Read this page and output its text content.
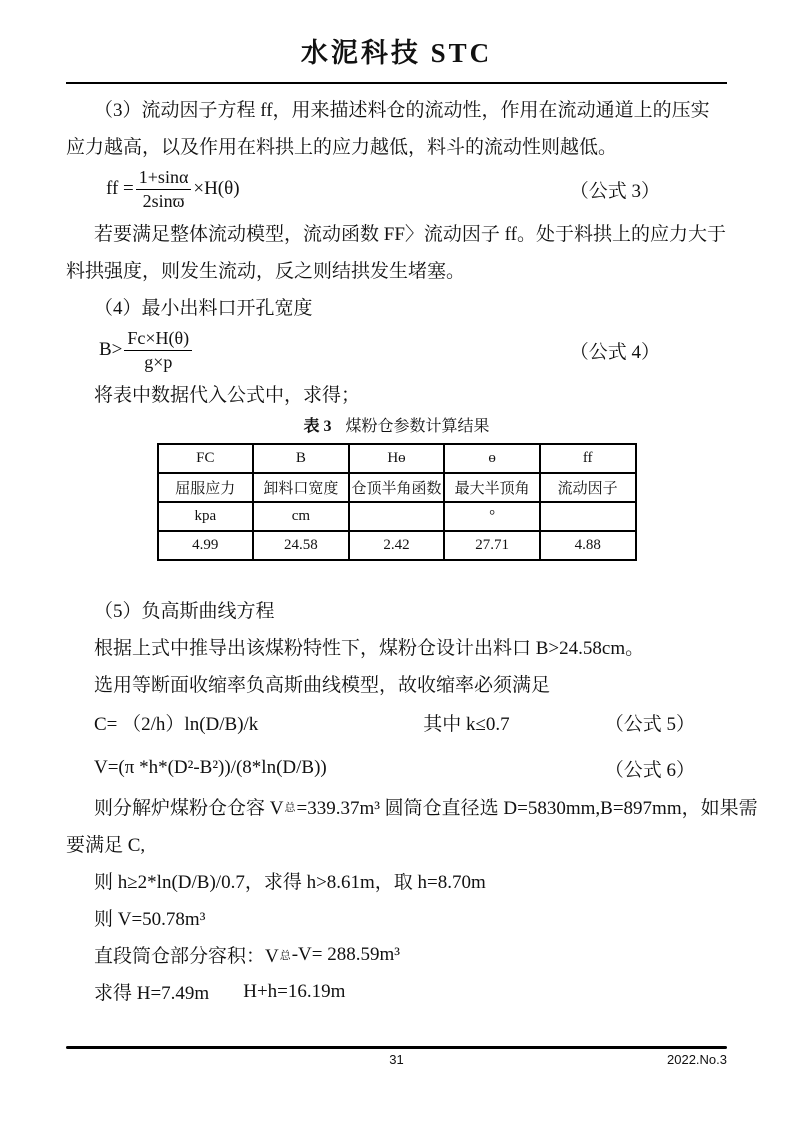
水泥科技 STC
（3）流动因子方程 ff，用来描述料仓的流动性，作用在流动通道上的压实
应力越高，以及作用在料拱上的应力越低，料斗的流动性则越低。
ff = $\frac{1+\sin\alpha}{2\sin ϖ} \times H(\theta)$	（公式 3）
若要满足整体流动模型，流动函数 FF〉流动因子 ff。处于料拱上的应力大于
料拱强度，则发生流动，反之则结拱发生堵塞。
（4）最小出料口开孔宽度
$B> \frac{Fc\times H(\theta)}{g\times p}$	（公式 4）
将表中数据代入公式中，求得；
表 3 煤粉仓参数计算结果
FC	B	Hө	ө	ff
屈服应力	卸料口宽度	仓顶半角函数	最大半顶角	流动因子
kpa	cm		°	
4.99	24.58	2.42	27.71	4.88
（5）负高斯曲线方程
根据上式中推导出该煤粉特性下，煤粉仓设计出料口 B>24.58cm。
选用等断面收缩率负高斯曲线模型，故收缩率必须满足
C= （2/h）ln(D/B)/k	其中 k≤0.7	（公式 5）
V=(π *h*(D²-B²))/(8*ln(D/B))	（公式 6）
则分解炉煤粉仓仓容 V 总 =339.37m³ 圆筒仓直径选 D=5830mm,B=897mm，如果需
要满足 C,
则 h≥2*ln(D/B)/0.7，求得 h>8.61m，取 h=8.70m
则 V=50.78m³
直段筒仓部分容积：V 总 -V= 288.59m³
求得 H=7.49m H+h=16.19m
31	2022.No.3
